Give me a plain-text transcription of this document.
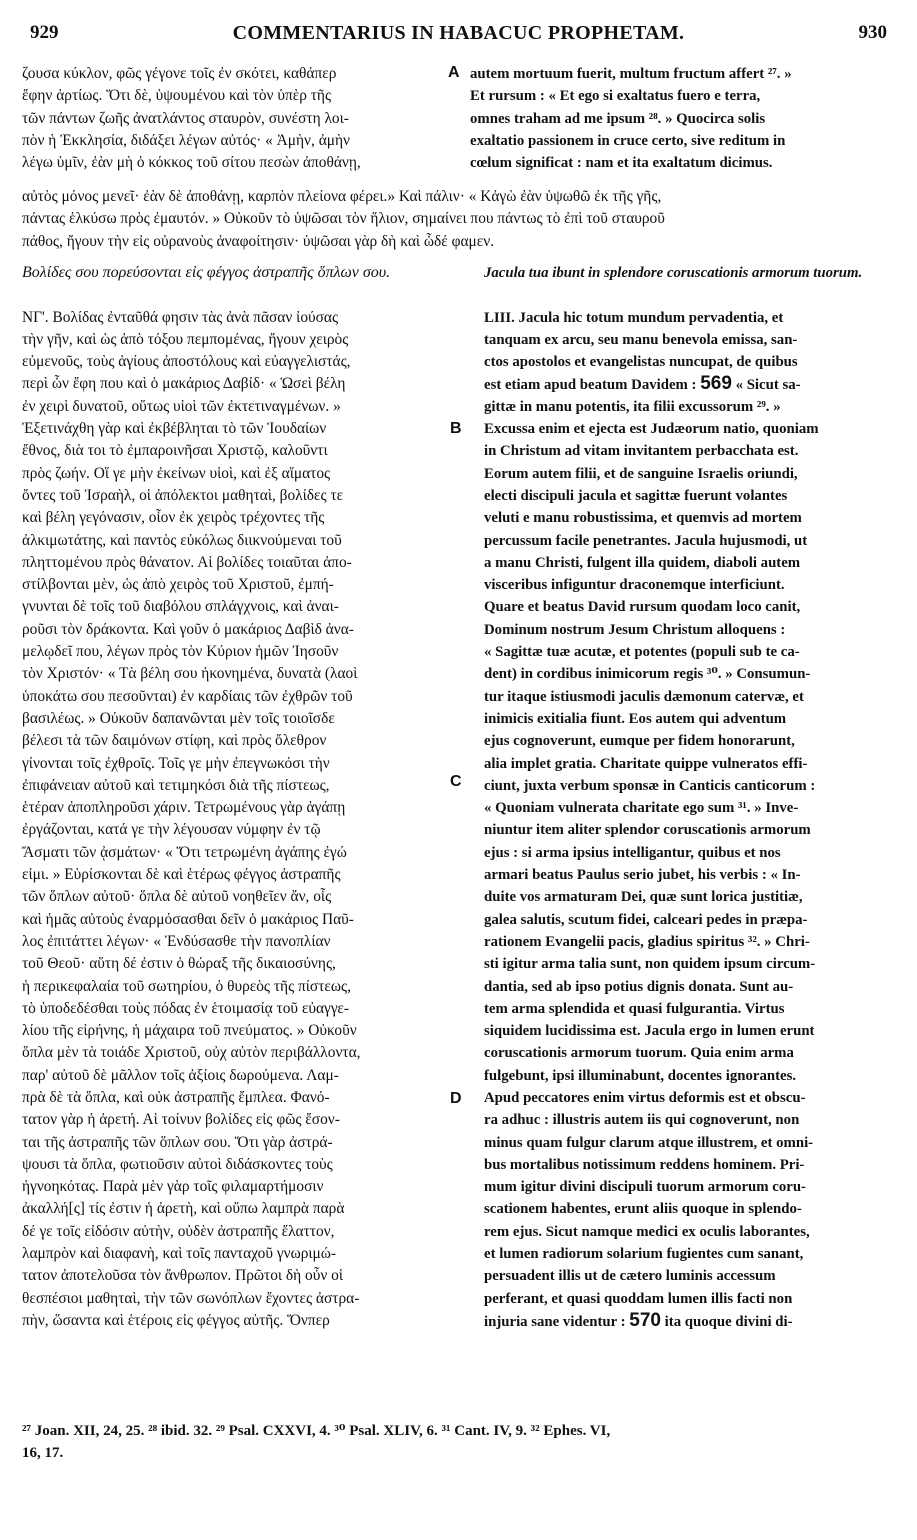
929	COMMENTARIUS IN HABACUC PROPHETAM.	930
ζουσα κύκλον, φῶς γέγονε τοῖς ἐν σκότει, καθάπερ
ἔφην ἀρτίως. Ὅτι δὲ, ὑψουμένου καὶ τὸν ὑπὲρ τῆς
τῶν πάντων ζωῆς ἀνατλάντος σταυρὸν, συνέστη λοι-
πὸν ἡ Ἐκκλησία, διδάξει λέγων αὐτός· « Ἀμὴν, ἀμὴν
λέγω ὑμῖν, ἐὰν μὴ ὁ κόκκος τοῦ σίτου πεσὼν ἀποθάνῃ,
autem mortuum fuerit, multum fructum affert ²⁷. »
Et rursum : « Et ego si exaltatus fuero e terra,
omnes traham ad me ipsum ²⁸. » Quocirca solis
exaltatio passionem in cruce certo, sive reditum in
cœlum significat : nam et ita exaltatum dicimus.
αὐτὸς μόνος μενεῖ· ἐὰν δὲ ἀποθάνῃ, καρπὸν πλείονα φέρει.» Καὶ πάλιν· « Κἀγὼ ἐὰν ὑψωθῶ ἐκ τῆς γῆς,
πάντας ἑλκύσω πρὸς ἐμαυτόν. » Οὐκοῦν τὸ ὑψῶσαι τὸν ἥλιον, σημαίνει που πάντως τὸ ἐπὶ τοῦ σταυροῦ
πάθος, ἤγουν τὴν εἰς οὐρανοὺς ἀναφοίτησιν· ὑψῶσαι γὰρ δὴ καὶ ὧδέ φαμεν.
Βολίδες σου πορεύσονται εἰς φέγγος ἀστραπῆς ὅπλων σου.
ΝΓ'. Βολίδας ἐνταῦθά φησιν τὰς ἀνὰ πᾶσαν ἰούσας
τὴν γῆν, καὶ ὡς ἀπὸ τόξου πεμπομένας, ἤγουν χειρὸς
εὐμενοῦς, τοὺς ἁγίους ἀποστόλους καὶ εὐαγγελιστάς,
περὶ ὧν ἔφη που καὶ ὁ μακάριος Δαβίδ· « Ὡσεὶ βέλη
ἐν χειρὶ δυνατοῦ, οὕτως υἱοὶ τῶν ἐκτετιναγμένων. »
Ἐξετινάχθη γὰρ καὶ ἐκβέβληται τὸ τῶν Ἰουδαίων
ἔθνος, διὰ τοι τὸ ἐμπαροινῆσαι Χριστῷ, καλοῦντι
πρὸς ζωήν. Οἵ γε μὴν ἐκείνων υἱοὶ, καὶ ἐξ αἵματος
ὄντες τοῦ Ἰσραὴλ, οἱ ἀπόλεκτοι μαθηταὶ, βολίδες τε
καὶ βέλη γεγόνασιν, οἷον ἐκ χειρὸς τρέχοντες τῆς
ἀλκιμωτάτης, καὶ παντὸς εὐκόλως διικνούμεναι τοῦ
πληττομένου πρὸς θάνατον. Αἱ βολίδες τοιαῦται ἀπο-
στίλβονται μὲν, ὡς ἀπὸ χειρὸς τοῦ Χριστοῦ, ἐμπή-
γνυνται δὲ τοῖς τοῦ διαβόλου σπλάγχνοις, καὶ ἀναι-
ροῦσι τὸν δράκοντα. Καὶ γοῦν ὁ μακάριος Δαβὶδ ἀνα-
μελῳδεῖ που, λέγων πρὸς τὸν Κύριον ἡμῶν Ἰησοῦν
τὸν Χριστόν· « Τὰ βέλη σου ἠκονημένα, δυνατὰ (λαοὶ
ὑποκάτω σου πεσοῦνται) ἐν καρδίαις τῶν ἐχθρῶν τοῦ
βασιλέως. » Οὐκοῦν δαπανῶνται μὲν τοῖς τοιοῖσδε
βέλεσι τὰ τῶν δαιμόνων στίφη, καὶ πρὸς ὄλεθρον
γίνονται τοῖς ἐχθροῖς. Τοῖς γε μὴν ἐπεγνωκόσι τὴν
ἐπιφάνειαν αὐτοῦ καὶ τετιμηκόσι διὰ τῆς πίστεως,
ἑτέραν ἀποπληροῦσι χάριν. Τετρωμένους γὰρ ἀγάπῃ
ἐργάζονται, κατά γε τὴν λέγουσαν νύμφην ἐν τῷ
Ἄσματι τῶν ᾀσμάτων· « Ὅτι τετρωμένη ἀγάπης ἐγώ
εἰμι. » Εὑρίσκονται δὲ καὶ ἑτέρως φέγγος ἀστραπῆς
τῶν ὅπλων αὐτοῦ· ὅπλα δὲ αὐτοῦ νοηθεῖεν ἄν, οἷς
καὶ ἡμᾶς αὐτοὺς ἐναρμόσασθαι δεῖν ὁ μακάριος Παῦ-
λος ἐπιτάττει λέγων· « Ἐνδύσασθε τὴν πανοπλίαν
τοῦ Θεοῦ· αὕτη δέ ἐστιν ὁ θώραξ τῆς δικαιοσύνης,
ἡ περικεφαλαία τοῦ σωτηρίου, ὁ θυρεὸς τῆς πίστεως,
τὸ ὑποδεδέσθαι τοὺς πόδας ἐν ἑτοιμασίᾳ τοῦ εὐαγγε-
λίου τῆς εἰρήνης, ἡ μάχαιρα τοῦ πνεύματος. » Οὐκοῦν
ὅπλα μὲν τὰ τοιάδε Χριστοῦ, οὐχ αὐτὸν περιβάλλοντα,
παρ' αὐτοῦ δὲ μᾶλλον τοῖς ἀξίοις δωρούμενα. Λαμ-
πρὰ δὲ τὰ ὅπλα, καὶ οὐκ ἀστραπῆς ἔμπλεα. Φανό-
τατον γὰρ ἡ ἀρετή. Αἱ τοίνυν βολίδες εἰς φῶς ἔσον-
ται τῆς ἀστραπῆς τῶν ὅπλων σου. Ὅτι γὰρ ἀστρά-
ψουσι τὰ ὅπλα, φωτιοῦσιν αὐτοὶ διδάσκοντες τοὺς
ἠγνοηκότας. Παρὰ μὲν γὰρ τοῖς φιλαμαρτήμοσιν
ἀκαλλή[ς] τίς ἐστιν ἡ ἀρετὴ, καὶ οὔπω λαμπρὰ παρὰ
δέ γε τοῖς εἰδόσιν αὐτὴν, οὐδὲν ἀστραπῆς ἔλαττον,
λαμπρὸν καὶ διαφανὴ, καὶ τοῖς πανταχοῦ γνωριμώ-
τατον ἀποτελοῦσα τὸν ἄνθρωπον. Πρῶτοι δὴ οὖν οἱ
θεσπέσιοι μαθηταὶ, τὴν τῶν σωνόπλων ἔχοντες ἀστρα-
πὴν, ὥσαντα καὶ ἑτέροις εἰς φέγγος αὐτῆς. Ὅνπερ
Jacula tua ibunt in splendore coruscationis armorum tuorum.
LIII. Jacula hic totum mundum pervadentia, et
tanquam ex arcu, seu manu benevola emissa, san-
ctos apostolos et evangelistas nuncupat, de quibus
est etiam apud beatum Davidem : 569 « Sicut sa-
gittæ in manu potentis, ita filii excussorum ²⁹. »
Excussa enim et ejecta est Judæorum natio, quoniam
in Christum ad vitam invitantem perbacchata est.
Eorum autem filii, et de sanguine Israelis oriundi,
electi discipuli jacula et sagittæ fuerunt volantes
veluti e manu robustissima, et quemvis ad mortem
percussum facile penetrantes. Jacula hujusmodi, ut
a manu Christi, fulgent illa quidem, diaboli autem
visceribus infiguntur draconemque interficiunt.
Quare et beatus David rursum quodam loco canit,
Dominum nostrum Jesum Christum alloquens :
« Sagittæ tuæ acutæ, et potentes (populi sub te ca-
dent) in cordibus inimicorum regis ³⁰. » Consumun-
tur itaque istiusmodi jaculis dæmonum catervæ, et
inimicis exitialia fiunt. Eos autem qui adventum
ejus cognoverunt, eumque per fidem honorarunt,
alia implet gratia. Charitate quippe vulneratos effi-
ciunt, juxta verbum sponsæ in Canticis canticorum :
« Quoniam vulnerata charitate ego sum ³¹. » Inve-
niuntur item aliter splendor coruscationis armorum
ejus : si arma ipsius intelligantur, quibus et nos
armari beatus Paulus serio jubet, his verbis : « In-
duite vos armaturam Dei, quæ sunt lorica justitiæ,
galea salutis, scutum fidei, calceari pedes in præpa-
rationem Evangelii pacis, gladius spiritus ³². » Chri-
sti igitur arma talia sunt, non quidem ipsum circum-
dantia, sed ab ipso potius dignis donata. Sunt au-
tem arma splendida et quasi fulgurantia. Virtus
siquidem lucidissima est. Jacula ergo in lumen erunt
coruscationis armorum tuorum. Quia enim arma
fulgebunt, ipsi illuminabunt, docentes ignorantes.
Apud peccatores enim virtus deformis est et obscu-
ra adhuc : illustris autem iis qui cognoverunt, non
minus quam fulgur clarum atque illustrem, et omni-
bus mortalibus notissimum reddens hominem. Pri-
mum igitur divini discipuli tuorum armorum coru-
scationem habentes, erunt aliis quoque in splendo-
rem ejus. Sicut namque medici ex oculis laborantes,
et lumen radiorum solarium fugientes cum sanant,
persuadent illis ut de cætero luminis accessum
perferant, et quasi quoddam lumen illis facti non
injuria sane videntur : 570 ita quoque divini di-
A
B
C
D
²⁷ Joan. XII, 24, 25. ²⁸ ibid. 32. ²⁹ Psal. CXXVI, 4. ³⁰ Psal. XLIV, 6. ³¹ Cant. IV, 9. ³² Ephes. VI,
16, 17.
